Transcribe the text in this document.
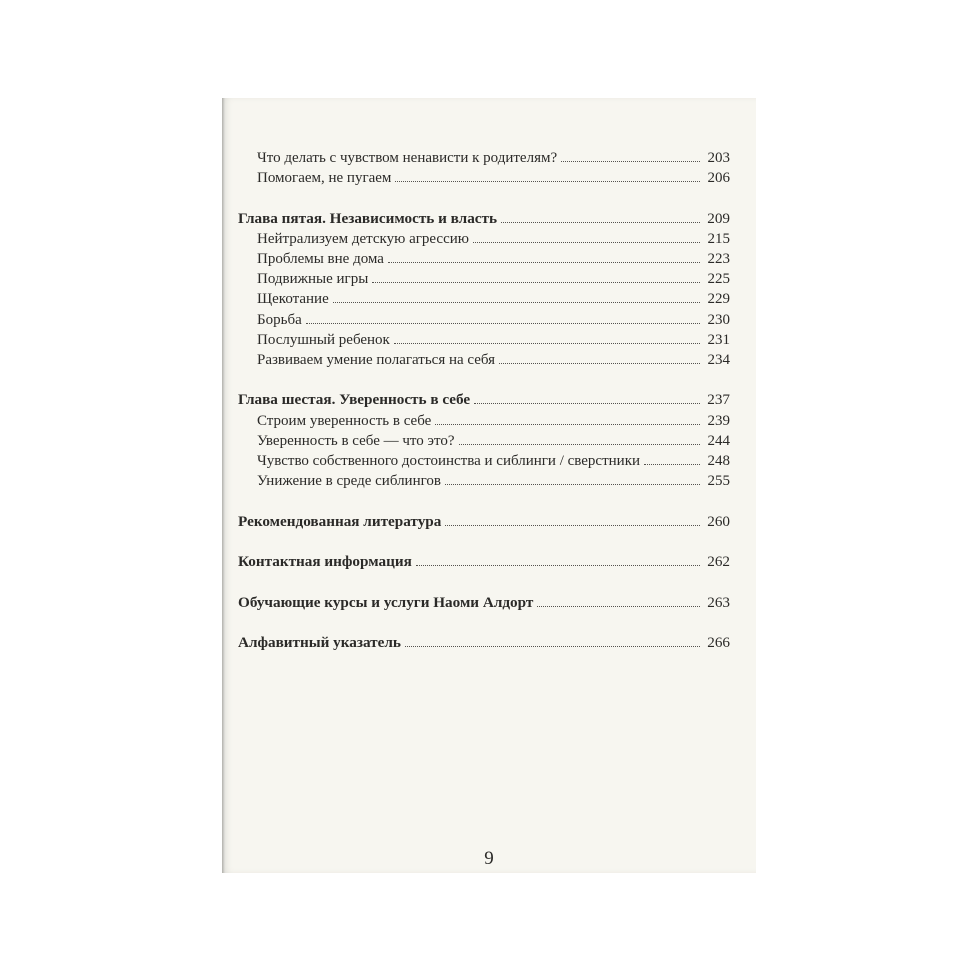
Что делать с чувством ненависти к родителям?	203
Помогаем, не пугаем	206
Глава пятая. Независимость и власть	209
Нейтрализуем детскую агрессию	215
Проблемы вне дома	223
Подвижные игры	225
Щекотание	229
Борьба	230
Послушный ребенок	231
Развиваем умение полагаться на себя	234
Глава шестая. Уверенность в себе	237
Строим уверенность в себе	239
Уверенность в себе — что это?	244
Чувство собственного достоинства и сиблинги / сверстники	248
Унижение в среде сиблингов	255
Рекомендованная литература	260
Контактная информация	262
Обучающие курсы и услуги Наоми Алдорт	263
Алфавитный указатель	266
9
